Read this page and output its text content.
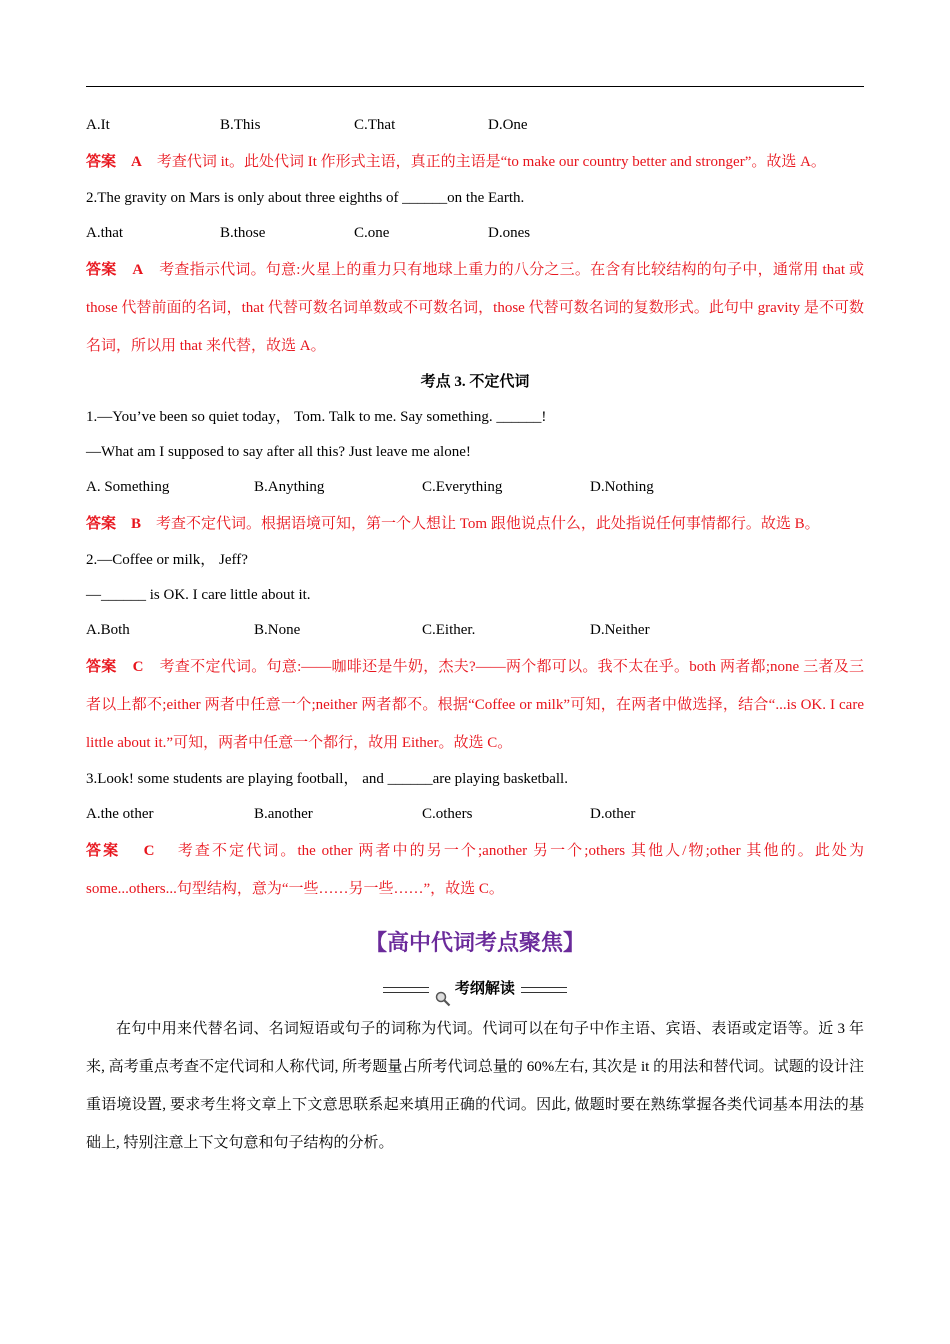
A.It	B.This	C.That	D.One
答案 A 考查代词 it。此处代词 It 作形式主语，真正的主语是“to make our country better and stronger”。故选 A。
2.The gravity on Mars is only about three eighths of ______on the Earth.
A.that	B.those	C.one	D.ones
答案 A 考查指示代词。句意:火星上的重力只有地球上重力的八分之三。在含有比较结构的句子中，通常用 that 或 those 代替前面的名词，that 代替可数名词单数或不可数名词，those 代替可数名词的复数形式。此句中 gravity 是不可数名词，所以用 that 来代替，故选 A。
考点 3. 不定代词
1.—You’ve been so quiet today， Tom. Talk to me. Say something. ______!
—What am I supposed to say after all this? Just leave me alone!
A. Something	B.Anything	C.Everything	D.Nothing
答案 B 考查不定代词。根据语境可知，第一个人想让 Tom 跟他说点什么，此处指说任何事情都行。故选 B。
2.—Coffee or milk， Jeff?
—______ is OK. I care little about it.
A.Both	B.None	C.Either.	D.Neither
答案 C 考查不定代词。句意:——咖啡还是牛奶，杰夫?——两个都可以。我不太在乎。both 两者都;none 三者及三者以上都不;either 两者中任意一个;neither 两者都不。根据“Coffee or milk”可知，在两者中做选择，结合“...is OK. I care little about it.”可知，两者中任意一个都行，故用 Either。故选 C。
3.Look! some students are playing football， and ______are playing basketball.
A.the other	B.another	C.others	D.other
答案 C 考查不定代词。the other 两者中的另一个;another 另一个;others 其他人/物;other 其他的。此处为 some...others...句型结构，意为“一些……另一些……”，故选 C。
【高中代词考点聚焦】
考纲解读
在句中用来代替名词、名词短语或句子的词称为代词。代词可以在句子中作主语、宾语、表语或定语等。近 3 年来, 高考重点考查不定代词和人称代词, 所考题量占所考代词总量的 60%左右, 其次是 it 的用法和替代词。试题的设计注重语境设置, 要求考生将文章上下文意思联系起来填用正确的代词。因此, 做题时要在熟练掌握各类代词基本用法的基础上, 特别注意上下文句意和句子结构的分析。
